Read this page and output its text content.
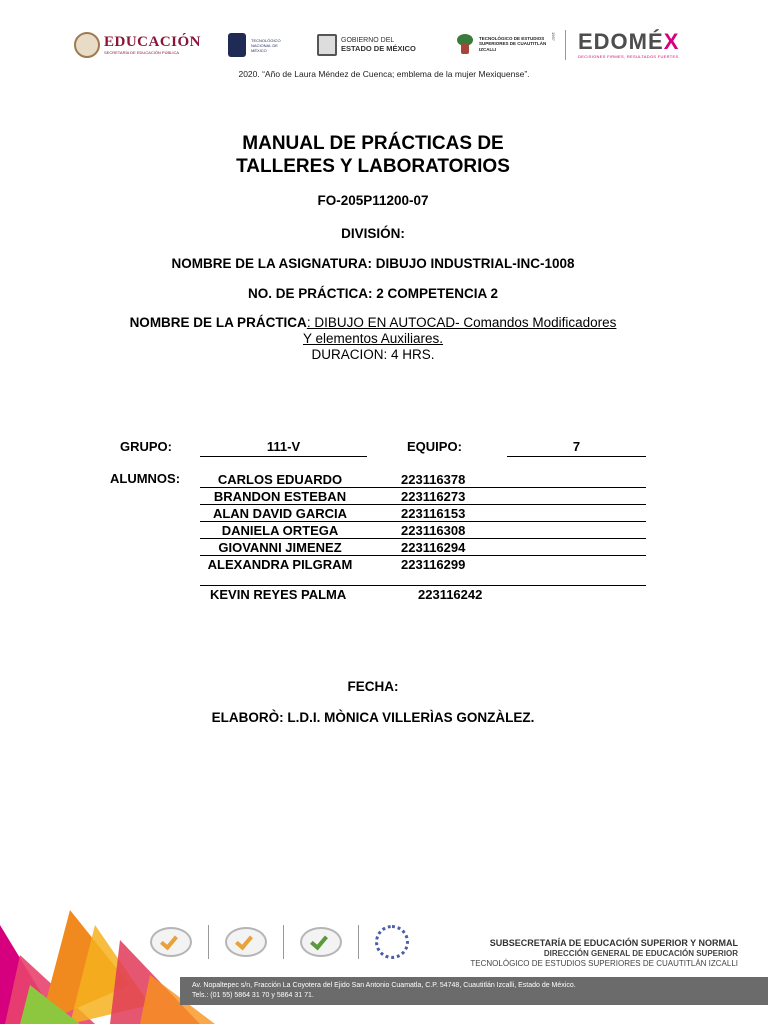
EDUCACIÓN
SECRETARÍA DE EDUCACIÓN PÚBLICA
TECNOLÓGICO NACIONAL DE MÉXICO
GOBIERNO DEL
ESTADO DE MÉXICO
TECNOLÓGICO DE ESTUDIOS SUPERIORES DE CUAUTITLÁN IZCALLI
1997 EDOMÉX
DECISIONES FIRMES, RESULTADOS FUERTES.
2020. “Año de Laura Méndez de Cuenca; emblema de la mujer Mexiquense”.
MANUAL DE PRÁCTICAS DE
TALLERES Y LABORATORIOS
FO-205P11200-07
DIVISIÓN:
NOMBRE DE LA ASIGNATURA: DIBUJO INDUSTRIAL-INC-1008
NO. DE PRÁCTICA: 2 COMPETENCIA 2
NOMBRE DE LA PRÁCTICA: DIBUJO EN AUTOCAD- Comandos Modificadores
Y elementos Auxiliares.
DURACION: 4 HRS.
GRUPO:	111-V	EQUIPO:	7
ALUMNOS:	CARLOS EDUARDO	223116378
BRANDON ESTEBAN	223116273
ALAN DAVID GARCIA	223116153
DANIELA ORTEGA	223116308
GIOVANNI JIMENEZ	223116294
ALEXANDRA PILGRAM	223116299
KEVIN REYES PALMA	223116242
FECHA:
ELABORÒ: L.D.I. MÒNICA VILLERÌAS GONZÀLEZ.
SUBSECRETARÍA DE EDUCACIÓN SUPERIOR Y NORMAL
DIRECCIÓN GENERAL DE EDUCACIÓN SUPERIOR
TECNOLÓGICO DE ESTUDIOS SUPERIORES DE CUAUTITLÁN IZCALLI
Av. Nopaltepec s/n, Fracción La Coyotera del Ejido San Antonio Cuamatla, C.P. 54748, Cuautitlán Izcalli, Estado de México.
Tels.: (01 55) 5864 31 70 y 5864 31 71.
